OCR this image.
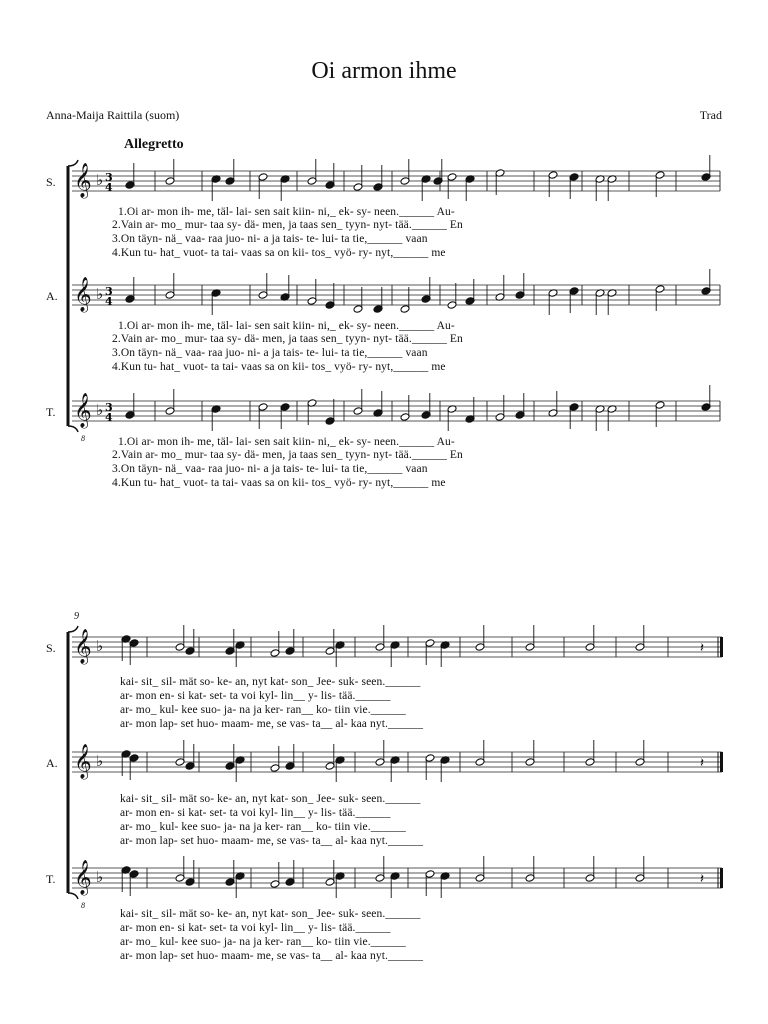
Oi armon ihme
Anna-Maija Raittila (suom)	Trad
Allegretto
9
S.
A.
T.
S.
A.
T.
1.Oi ar- mon ih- me, täl- lai- sen sait kiin- ni,_ ek- sy- neen.______ Au-
2.Vain ar- mo_ mur- taa sy- dä- men, ja taas sen_ tyyn- nyt- tää.______ En
3.On täyn- nä_ vaa- raa juo- ni- a ja tais- te- lui- ta tie,______ vaan
4.Kun tu- hat_ vuot- ta tai- vaas sa on kii- tos_ vyö- ry- nyt,______ me
1.Oi ar- mon ih- me, täl- lai- sen sait kiin- ni,_ ek- sy- neen.______ Au-
2.Vain ar- mo_ mur- taa sy- dä- men, ja taas sen_ tyyn- nyt- tää.______ En
3.On täyn- nä_ vaa- raa juo- ni- a ja tais- te- lui- ta tie,______ vaan
4.Kun tu- hat_ vuot- ta tai- vaas sa on kii- tos_ vyö- ry- nyt,______ me
1.Oi ar- mon ih- me, täl- lai- sen sait kiin- ni,_ ek- sy- neen.______ Au-
2.Vain ar- mo_ mur- taa sy- dä- men, ja taas sen_ tyyn- nyt- tää.______ En
3.On täyn- nä_ vaa- raa juo- ni- a ja tais- te- lui- ta tie,______ vaan
4.Kun tu- hat_ vuot- ta tai- vaas sa on kii- tos_ vyö- ry- nyt,______ me
kai- sit_ sil- mät so- ke- an, nyt kat- son_ Jee- suk- seen.______
ar- mon en- si kat- set- ta voi kyl- lin__ y- lis- tää.______
ar- mo_ kul- kee suo- ja- na ja ker- ran__ ko- tiin vie.______
ar- mon lap- set huo- maam- me, se vas- ta__ al- kaa nyt.______
kai- sit_ sil- mät so- ke- an, nyt kat- son_ Jee- suk- seen.______
ar- mon en- si kat- set- ta voi kyl- lin__ y- lis- tää.______
ar- mo_ kul- kee suo- ja- na ja ker- ran__ ko- tiin vie.______
ar- mon lap- set huo- maam- me, se vas- ta__ al- kaa nyt.______
kai- sit_ sil- mät so- ke- an, nyt kat- son_ Jee- suk- seen.______
ar- mon en- si kat- set- ta voi kyl- lin__ y- lis- tää.______
ar- mo_ kul- kee suo- ja- na ja ker- ran__ ko- tiin vie.______
ar- mon lap- set huo- maam- me, se vas- ta__ al- kaa nyt.______
𝄞 ♭ 3
4
𝄞 ♭ 3
4
𝄞
8
♭ 3
4
𝄞 ♭
𝄞 ♭
𝄞
8
♭
𝄽
𝄽
𝄽
